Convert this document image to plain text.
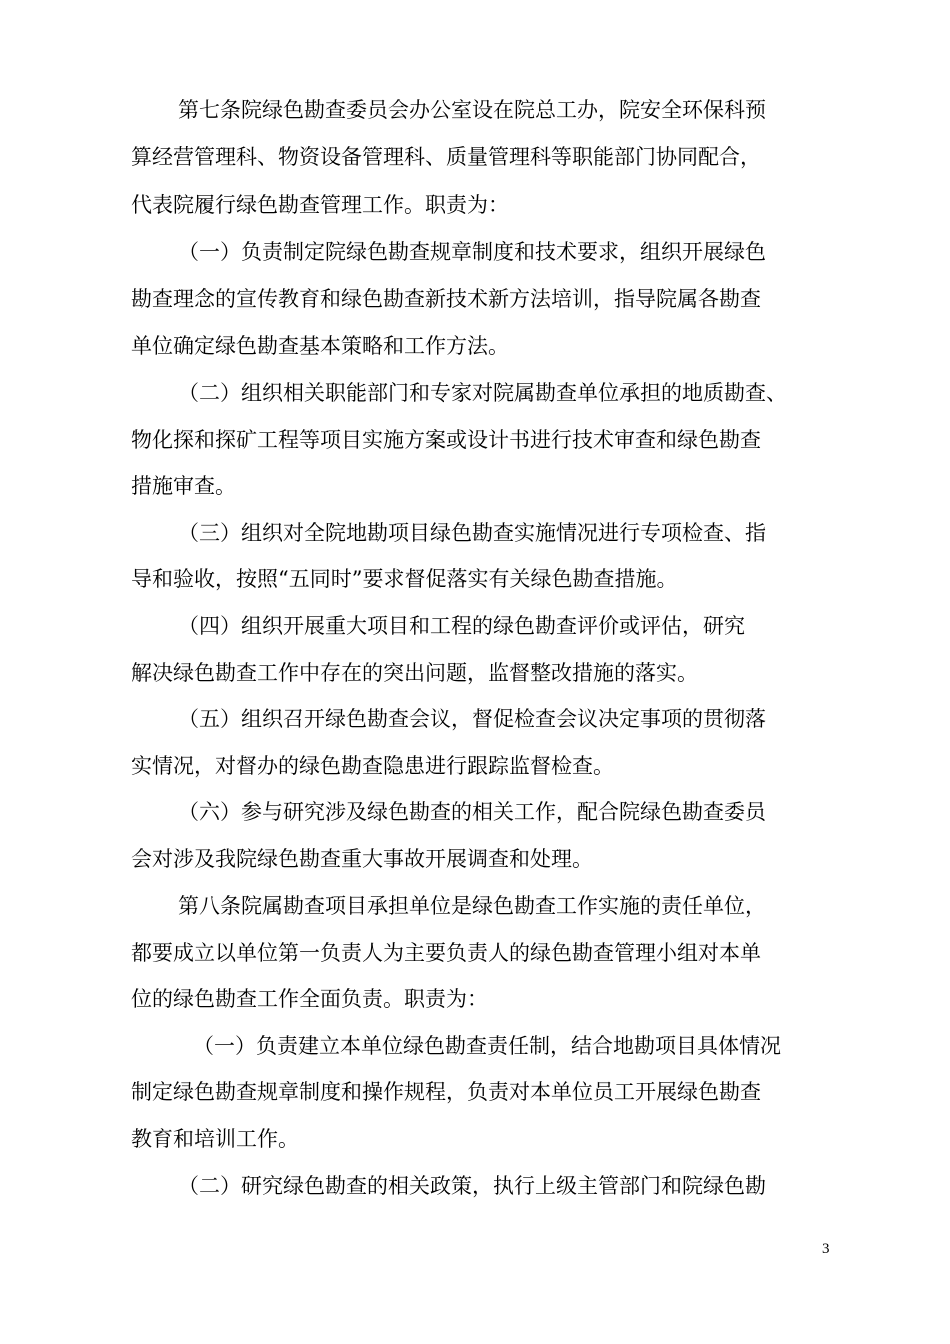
第七条院绿色勘查委员会办公室设在院总工办，院安全环保科预
算经营管理科、物资设备管理科、质量管理科等职能部门协同配合，
代表院履行绿色勘查管理工作。职责为：
（一）负责制定院绿色勘查规章制度和技术要求，组织开展绿色
勘查理念的宣传教育和绿色勘查新技术新方法培训，指导院属各勘查
单位确定绿色勘查基本策略和工作方法。
（二）组织相关职能部门和专家对院属勘查单位承担的地质勘查、
物化探和探矿工程等项目实施方案或设计书进行技术审查和绿色勘查
措施审查。
（三）组织对全院地勘项目绿色勘查实施情况进行专项检查、指
导和验收，按照“五同时”要求督促落实有关绿色勘查措施。
（四）组织开展重大项目和工程的绿色勘查评价或评估，研究
解决绿色勘查工作中存在的突出问题，监督整改措施的落实。
（五）组织召开绿色勘查会议，督促检查会议决定事项的贯彻落
实情况，对督办的绿色勘查隐患进行跟踪监督检查。
（六）参与研究涉及绿色勘查的相关工作，配合院绿色勘查委员
会对涉及我院绿色勘查重大事故开展调查和处理。
第八条院属勘查项目承担单位是绿色勘查工作实施的责任单位，
都要成立以单位第一负责人为主要负责人的绿色勘查管理小组对本单
位的绿色勘查工作全面负责。职责为：
（一）负责建立本单位绿色勘查责任制，结合地勘项目具体情况
制定绿色勘查规章制度和操作规程，负责对本单位员工开展绿色勘查
教育和培训工作。
（二）研究绿色勘查的相关政策，执行上级主管部门和院绿色勘
3
